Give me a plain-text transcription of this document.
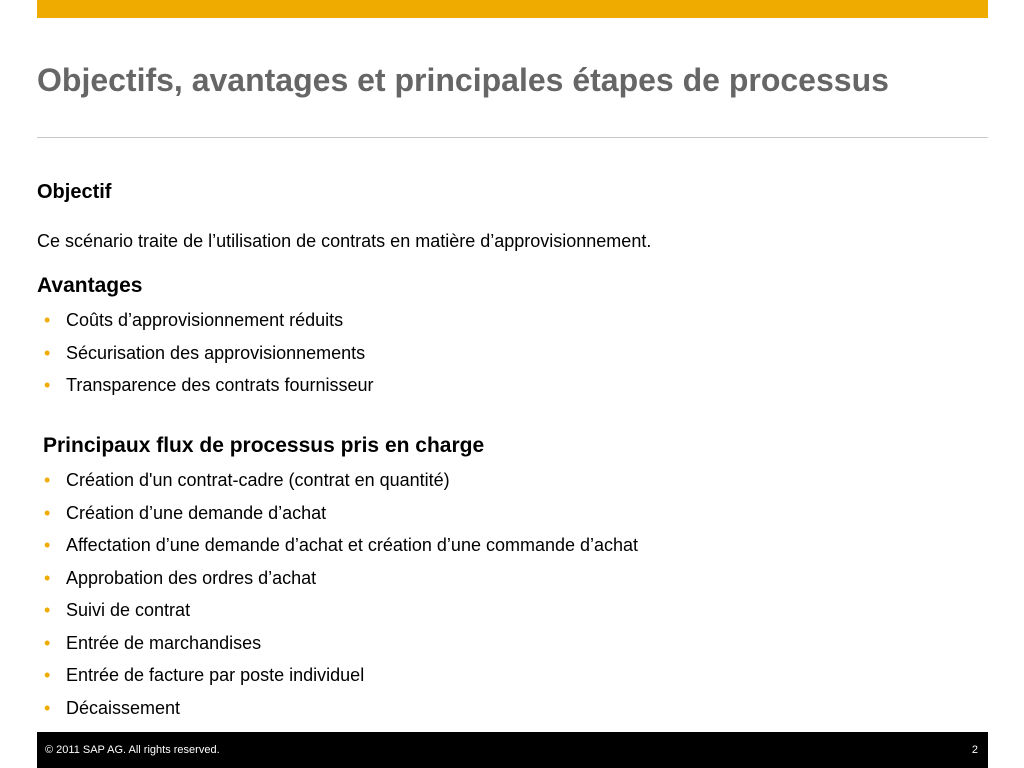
Objectifs, avantages et principales étapes de processus
Objectif

Ce scénario traite de l’utilisation de contrats en matière d’approvisionnement.

Avantages
• Coûts d’approvisionnement réduits
• Sécurisation des approvisionnements
• Transparence des contrats fournisseur
Principaux flux de processus pris en charge
• Création d'un contrat-cadre (contrat en quantité)
• Création d’une demande d’achat
• Affectation d’une demande d’achat et création d’une commande d’achat
• Approbation des ordres d’achat
• Suivi de contrat
• Entrée de marchandises
• Entrée de facture par poste individuel
• Décaissement
© 2011 SAP AG. All rights reserved.	2
